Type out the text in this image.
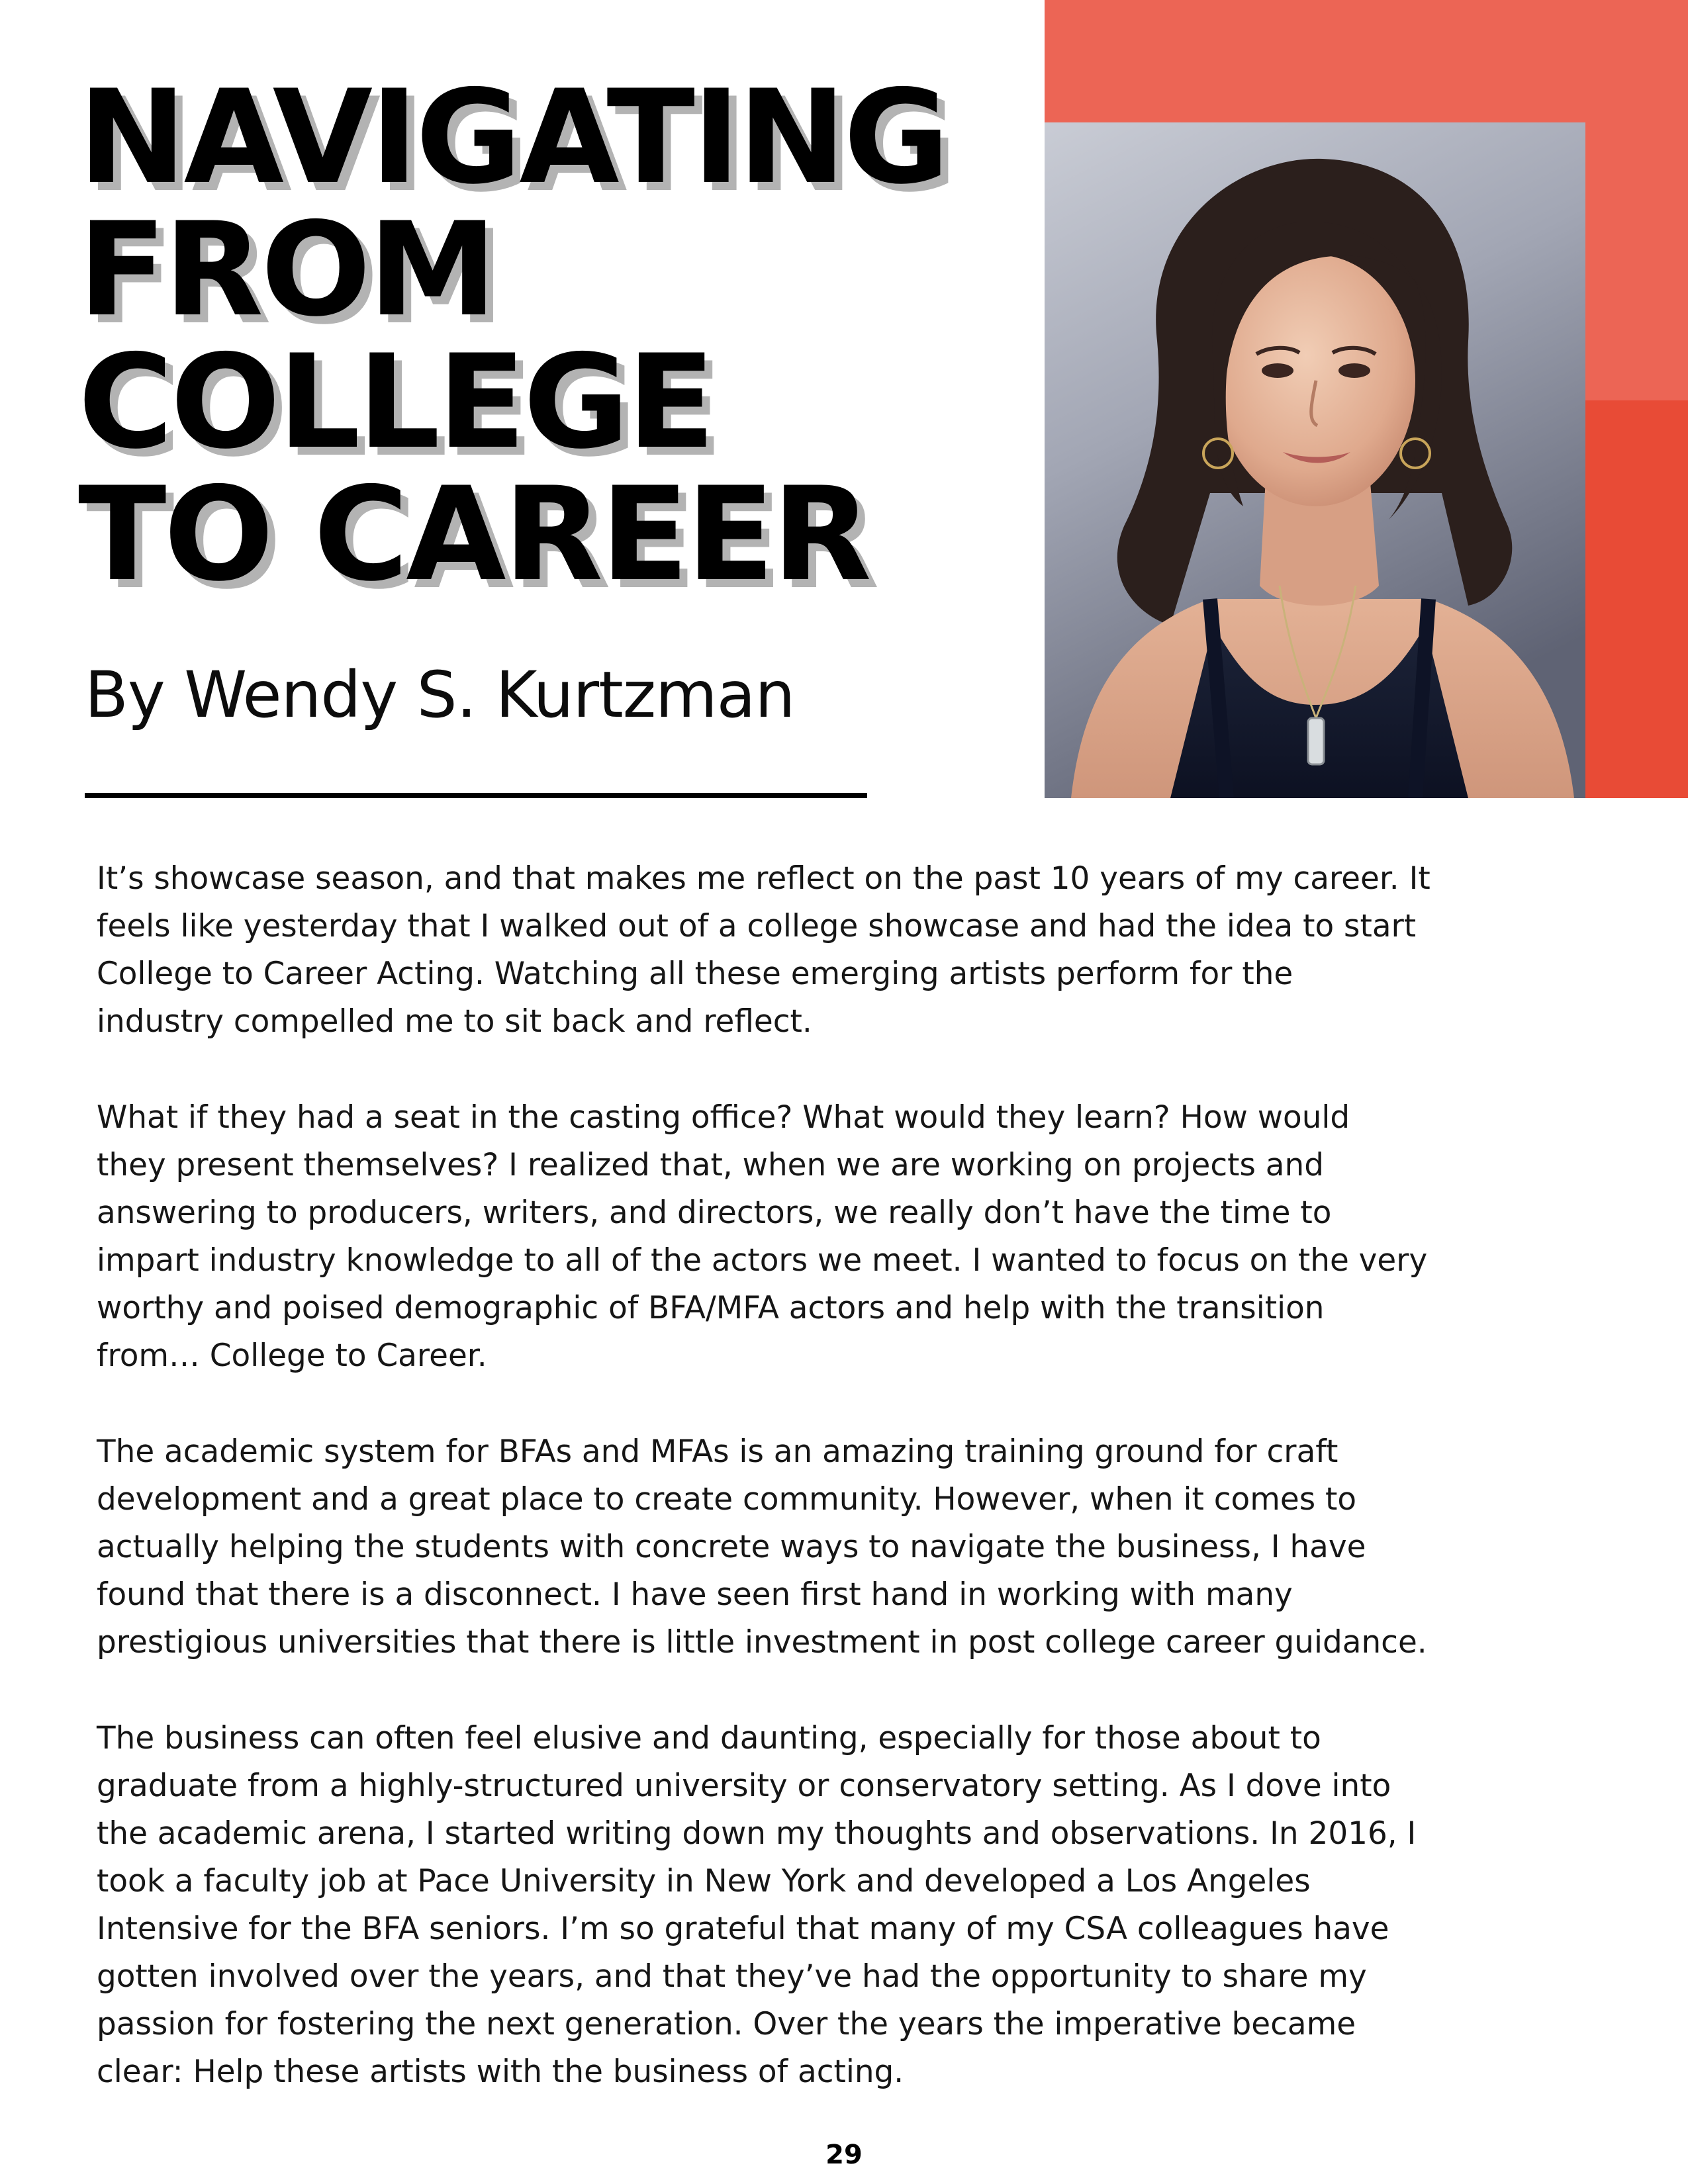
NAVIGATING
FROM
COLLEGE
TO CAREER
By Wendy S. Kurtzman

It’s showcase season, and that makes me reflect on the past 10 years of my career. It
feels like yesterday that I walked out of a college showcase and had the idea to start
College to Career Acting. Watching all these emerging artists perform for the
industry compelled me to sit back and reflect.

What if they had a seat in the casting office? What would they learn? How would
they present themselves? I realized that, when we are working on projects and
answering to producers, writers, and directors, we really don’t have the time to
impart industry knowledge to all of the actors we meet. I wanted to focus on the very
worthy and poised demographic of BFA/MFA actors and help with the transition
from… College to Career.

The academic system for BFAs and MFAs is an amazing training ground for craft
development and a great place to create community. However, when it comes to
actually helping the students with concrete ways to navigate the business, I have
found that there is a disconnect. I have seen first hand in working with many
prestigious universities that there is little investment in post college career guidance.

The business can often feel elusive and daunting, especially for those about to
graduate from a highly-structured university or conservatory setting. As I dove into
the academic arena, I started writing down my thoughts and observations. In 2016, I
took a faculty job at Pace University in New York and developed a Los Angeles
Intensive for the BFA seniors. I’m so grateful that many of my CSA colleagues have
gotten involved over the years, and that they’ve had the opportunity to share my
passion for fostering the next generation. Over the years the imperative became
clear: Help these artists with the business of acting.

29
